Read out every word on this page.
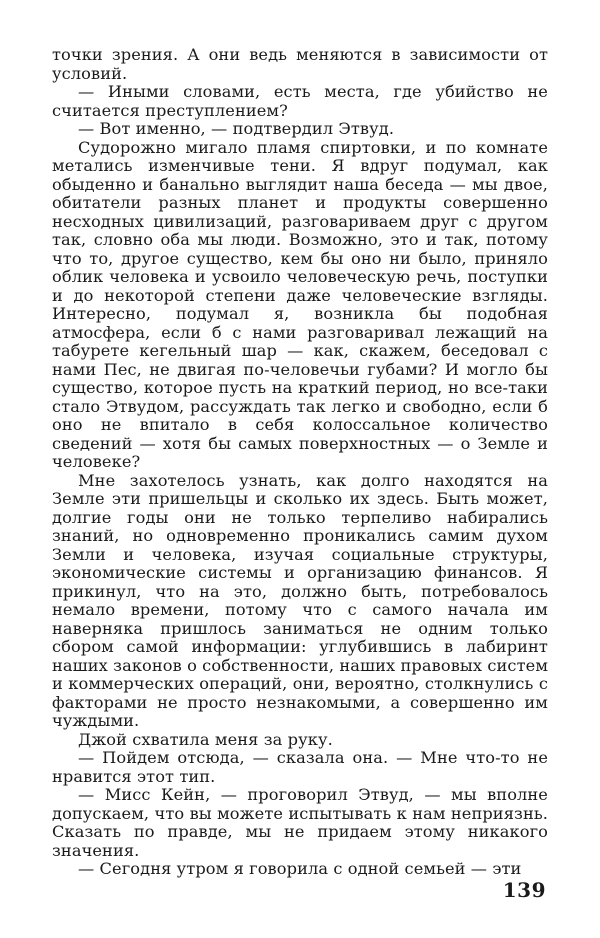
точки зрения. А они ведь меняются в зависимости от условий.

— Иными словами, есть места, где убийство не считается преступлением?

— Вот именно, — подтвердил Этвуд.

Судорожно мигало пламя спиртовки, и по комнате метались изменчивые тени. Я вдруг подумал, как обыденно и банально выглядит наша беседа — мы двое, обитатели разных планет и продукты совершенно несходных цивилизаций, разговариваем друг с другом так, словно оба мы люди. Возможно, это и так, потому что то, другое существо, кем бы оно ни было, приняло облик человека и усвоило человеческую речь, поступки и до некоторой степени даже человеческие взгляды. Интересно, подумал я, возникла бы подобная атмосфера, если б с нами разговаривал лежащий на табурете кегельный шар — как, скажем, беседовал с нами Пес, не двигая по-человечьи губами? И могло бы существо, которое пусть на краткий период, но все-таки стало Этвудом, рассуждать так легко и свободно, если б оно не впитало в себя колоссальное количество сведений — хотя бы самых поверхностных — о Земле и человеке?

Мне захотелось узнать, как долго находятся на Земле эти пришельцы и сколько их здесь. Быть может, долгие годы они не только терпеливо набирались знаний, но одновременно проникались самим духом Земли и человека, изучая социальные структуры, экономические системы и организацию финансов. Я прикинул, что на это, должно быть, потребовалось немало времени, потому что с самого начала им наверняка пришлось заниматься не одним только сбором самой информации: углубившись в лабиринт наших законов о собственности, наших правовых систем и коммерческих операций, они, вероятно, столкнулись с факторами не просто незнакомыми, а совершенно им чуждыми.

Джой схватила меня за руку.

— Пойдем отсюда, — сказала она. — Мне что-то не нравится этот тип.

— Мисс Кейн, — проговорил Этвуд, — мы вполне допускаем, что вы можете испытывать к нам неприязнь. Сказать по правде, мы не придаем этому никакого значения.

— Сегодня утром я говорила с одной семьей — эти

139
